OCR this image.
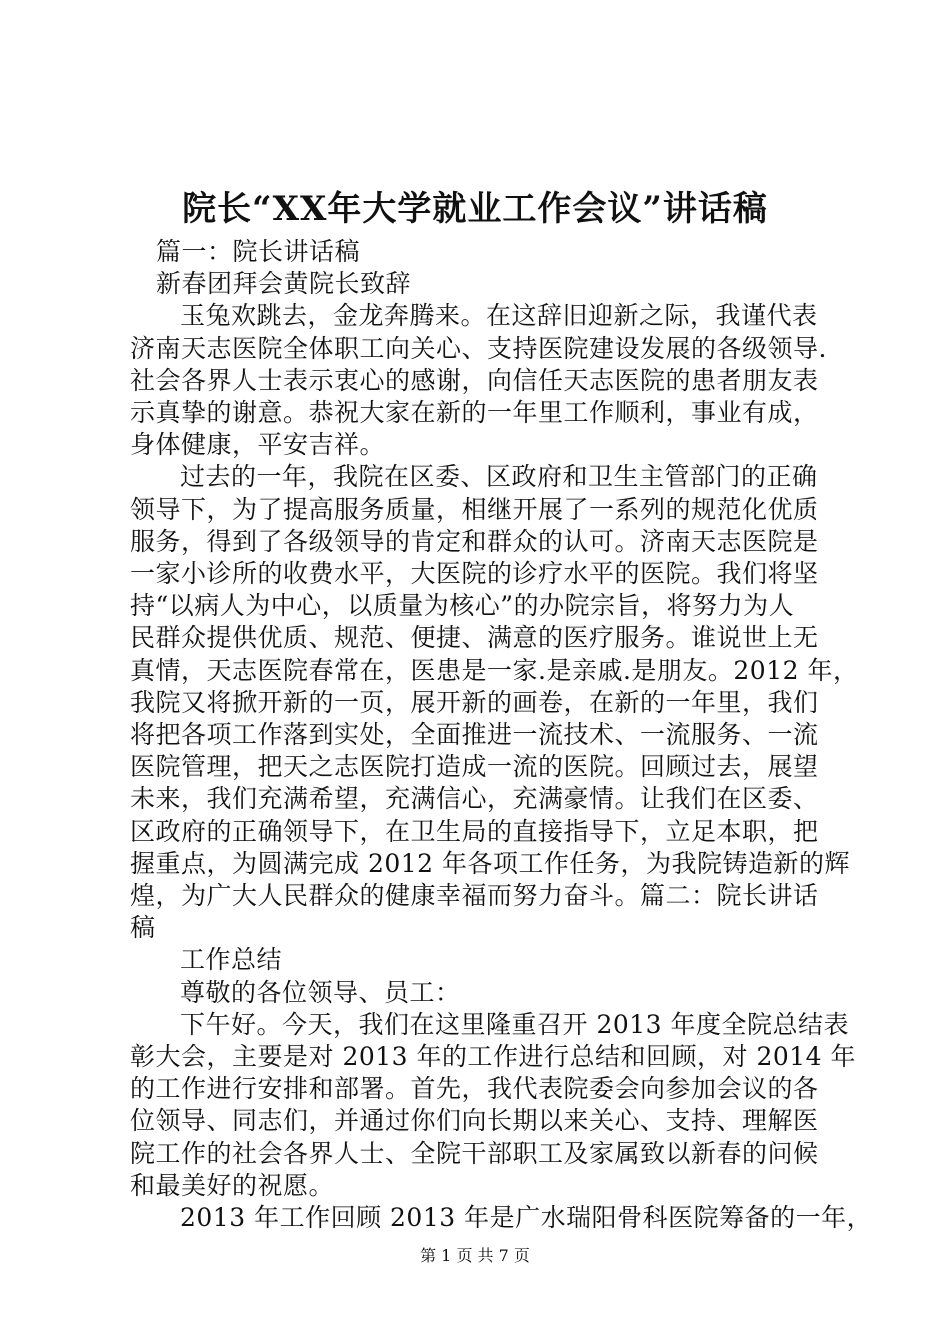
院长“XX年大学就业工作会议”讲话稿
篇一：院长讲话稿
新春团拜会黄院长致辞
玉兔欢跳去，金龙奔腾来。在这辞旧迎新之际，我谨代表
济南天志医院全体职工向关心、支持医院建设发展的各级领导.
社会各界人士表示衷心的感谢，向信任天志医院的患者朋友表
示真挚的谢意。恭祝大家在新的一年里工作顺利，事业有成，
身体健康，平安吉祥。
过去的一年，我院在区委、区政府和卫生主管部门的正确
领导下，为了提高服务质量，相继开展了一系列的规范化优质
服务，得到了各级领导的肯定和群众的认可。济南天志医院是
一家小诊所的收费水平，大医院的诊疗水平的医院。我们将坚
持“以病人为中心，以质量为核心”的办院宗旨，将努力为人
民群众提供优质、规范、便捷、满意的医疗服务。谁说世上无
真情，天志医院春常在，医患是一家.是亲戚.是朋友。2012 年，
我院又将掀开新的一页，展开新的画卷，在新的一年里，我们
将把各项工作落到实处，全面推进一流技术、一流服务、一流
医院管理，把天之志医院打造成一流的医院。回顾过去，展望
未来，我们充满希望，充满信心，充满豪情。让我们在区委、
区政府的正确领导下，在卫生局的直接指导下，立足本职，把
握重点，为圆满完成 2012 年各项工作任务，为我院铸造新的辉
煌，为广大人民群众的健康幸福而努力奋斗。篇二：院长讲话
稿
工作总结
尊敬的各位领导、员工：
下午好。今天，我们在这里隆重召开 2013 年度全院总结表
彰大会，主要是对 2013 年的工作进行总结和回顾，对 2014 年
的工作进行安排和部署。首先，我代表院委会向参加会议的各
位领导、同志们，并通过你们向长期以来关心、支持、理解医
院工作的社会各界人士、全院干部职工及家属致以新春的问候
和最美好的祝愿。
2013 年工作回顾 2013 年是广水瑞阳骨科医院筹备的一年，
第 1 页 共 7 页
